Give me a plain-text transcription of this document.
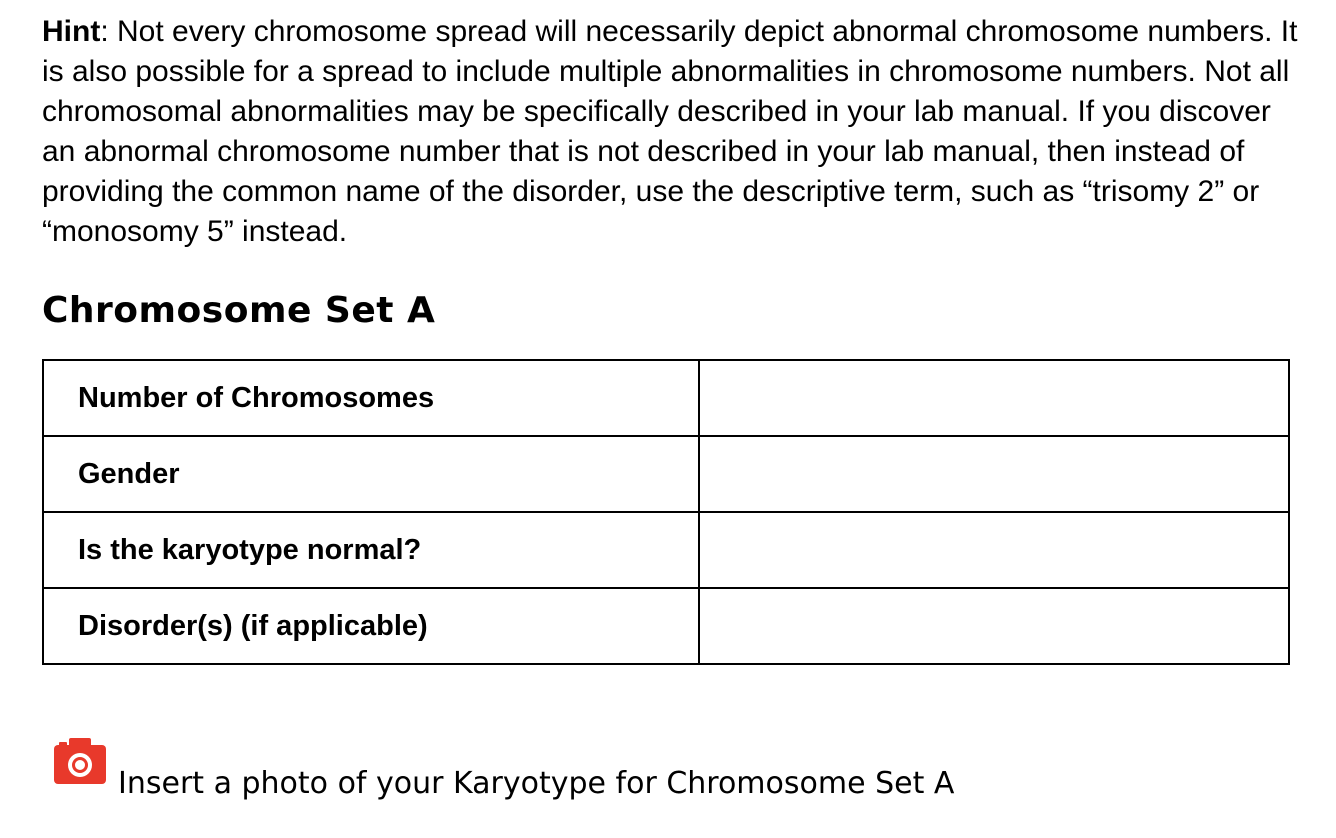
Hint: Not every chromosome spread will necessarily depict abnormal chromosome numbers. It is also possible for a spread to include multiple abnormalities in chromosome numbers. Not all chromosomal abnormalities may be specifically described in your lab manual. If you discover an abnormal chromosome number that is not described in your lab manual, then instead of providing the common name of the disorder, use the descriptive term, such as “trisomy 2” or “monosomy 5” instead.

Chromosome Set A
Number of Chromosomes	
Gender	
Is the karyotype normal?	
Disorder(s) (if applicable)	
Insert a photo of your Karyotype for Chromosome Set A
